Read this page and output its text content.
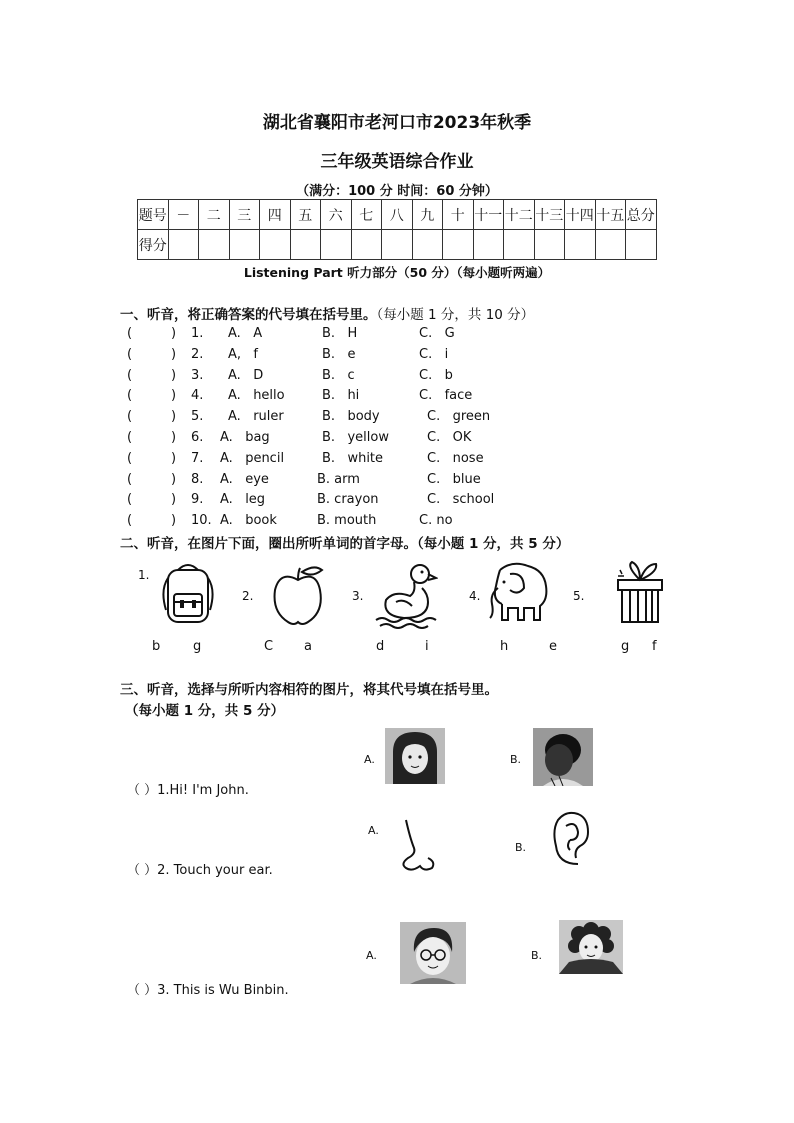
湖北省襄阳市老河口市2023年秋季
三年级英语综合作业
（满分：100 分 时间：60 分钟）
题号	－	二	三	四	五	六	七	八	九	十	十一	十二	十三	十四	十五	总分
得分																
Listening Part 听力部分（50 分）（每小题听两遍）
一、听音，将正确答案的代号填在括号里。（每小题 1 分，共 10 分）
(	) 1. A.   A	B.   H	C.   G
(	) 2. A,   f	B.   e	C.   i
(	) 3. A.   D	B.   c	C.   b
(	) 4. A.   hello	B.   hi	C.   face
(	) 5. A.   ruler	B.   body	C.   green
(	) 6. A.   bag	B.   yellow	C.   OK
(	) 7. A.   pencil	B.   white	C.   nose
(	) 8. A.   eye	B. arm	C.   blue
(	) 9. A.   leg	B. crayon	C.   school
(	) 10. A.   book	B. mouth	C. no
二、听音，在图片下面，圈出所听单词的首字母。（每小题 1 分，共 5 分）
1.
2.	3.	4.	5.
b	g	C a	d	i	h	e	g f
三、听音，选择与所听内容相符的图片，将其代号填在括号里。
（每小题 1 分，共 5 分）
（ ）1.Hi! I'm John.
（ ）2. Touch your ear.
（ ）3. This is Wu Binbin.
A.	B.
A.
B.
A.	B.
